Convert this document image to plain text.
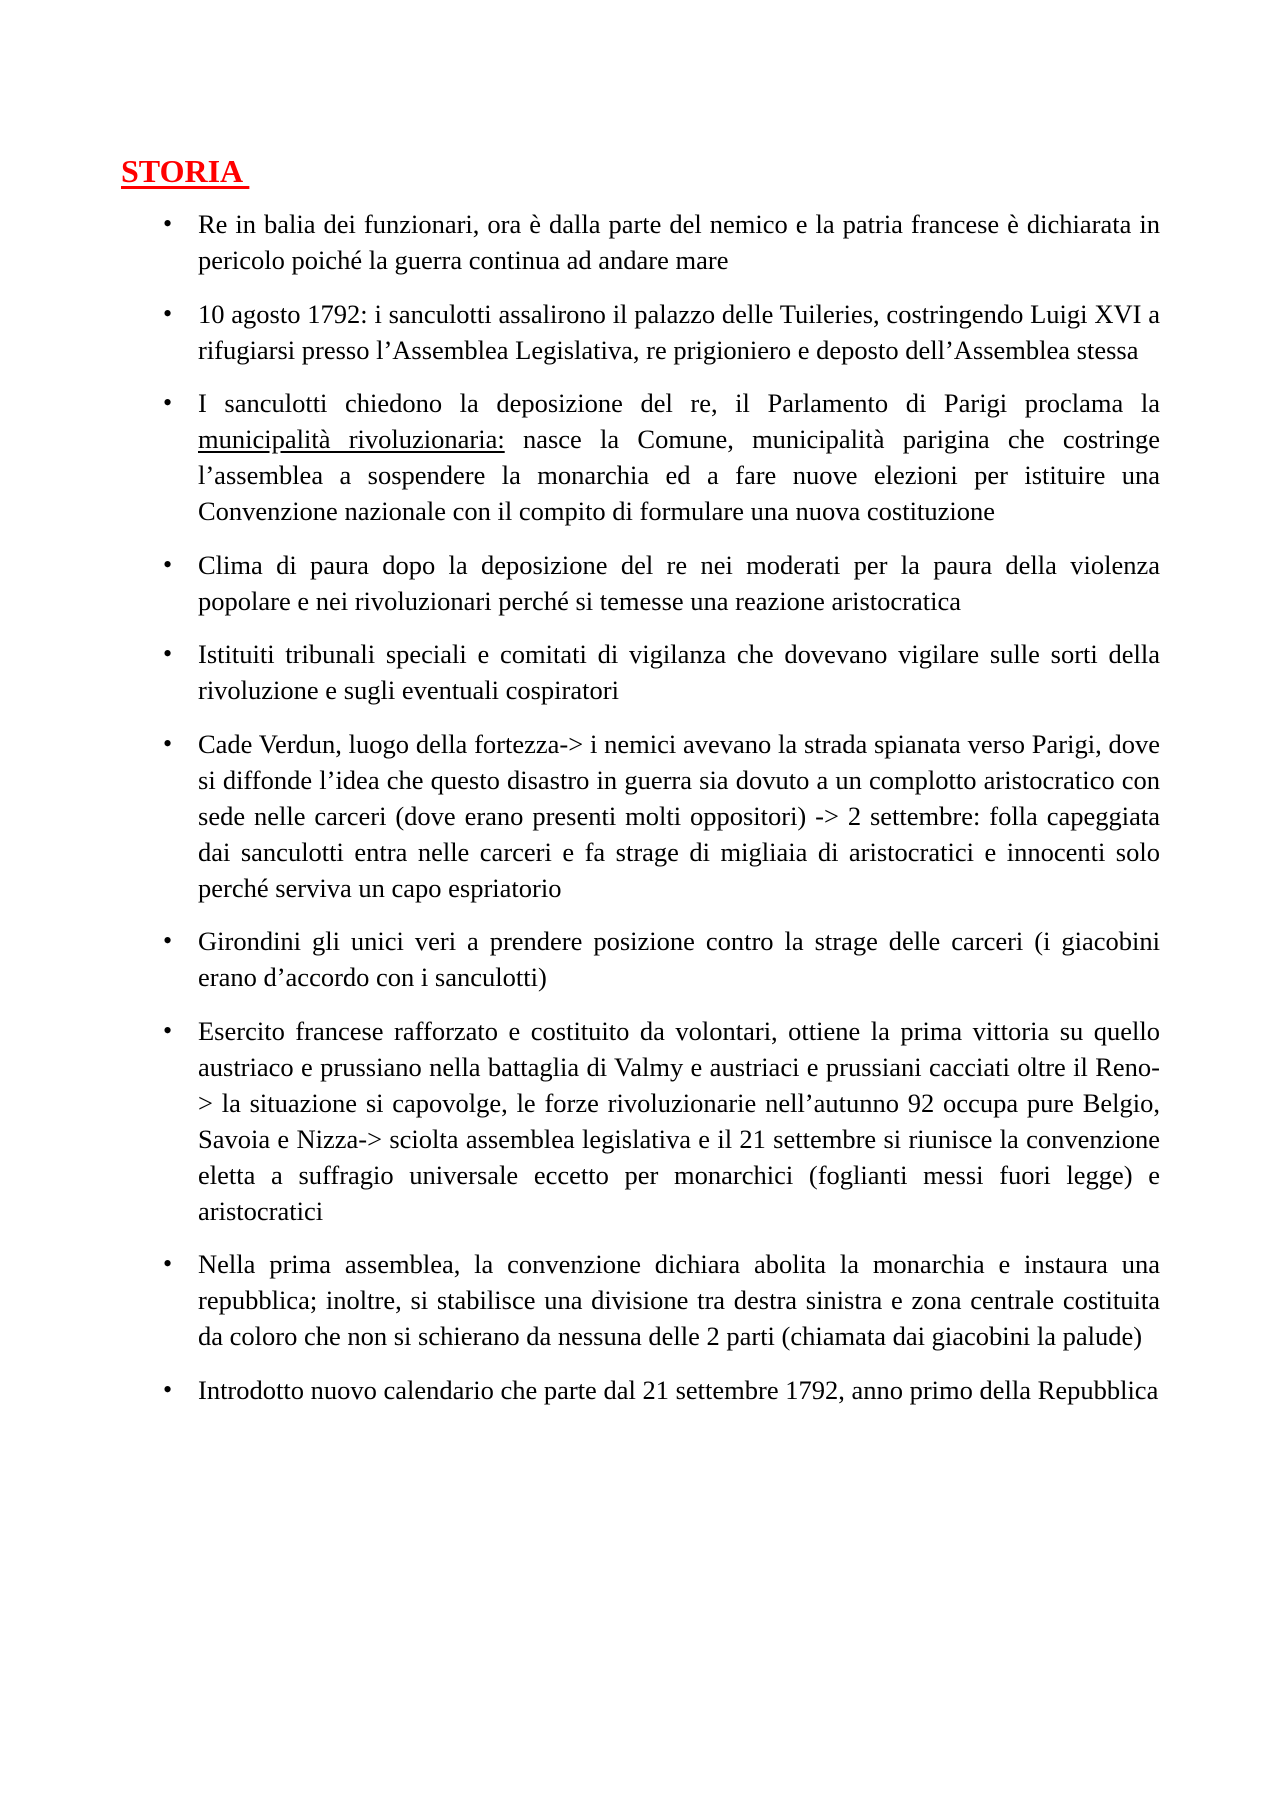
STORIA
• Re in balia dei funzionari, ora è dalla parte del nemico e la patria francese è dichiarata in pericolo poiché la guerra continua ad andare mare
• 10 agosto 1792: i sanculotti assalirono il palazzo delle Tuileries, costringendo Luigi XVI a rifugiarsi presso l’Assemblea Legislativa, re prigioniero e deposto dell’Assemblea stessa
• I sanculotti chiedono la deposizione del re, il Parlamento di Parigi proclama la municipalità rivoluzionaria: nasce la Comune, municipalità parigina che costringe l’assemblea a sospendere la monarchia ed a fare nuove elezioni per istituire una Convenzione nazionale con il compito di formulare una nuova costituzione
• Clima di paura dopo la deposizione del re nei moderati per la paura della violenza popolare e nei rivoluzionari perché si temesse una reazione aristocratica
• Istituiti tribunali speciali e comitati di vigilanza che dovevano vigilare sulle sorti della rivoluzione e sugli eventuali cospiratori
• Cade Verdun, luogo della fortezza-> i nemici avevano la strada spianata verso Parigi, dove si diffonde l’idea che questo disastro in guerra sia dovuto a un complotto aristocratico con sede nelle carceri (dove erano presenti molti oppositori) -> 2 settembre: folla capeggiata dai sanculotti entra nelle carceri e fa strage di migliaia di aristocratici e innocenti solo perché serviva un capo espriatorio
• Girondini gli unici veri a prendere posizione contro la strage delle carceri (i giacobini erano d’accordo con i sanculotti)
• Esercito francese rafforzato e costituito da volontari, ottiene la prima vittoria su quello austriaco e prussiano nella battaglia di Valmy e austriaci e prussiani cacciati oltre il Reno-> la situazione si capovolge, le forze rivoluzionarie nell’autunno 92 occupa pure Belgio, Savoia e Nizza-> sciolta assemblea legislativa e il 21 settembre si riunisce la convenzione eletta a suffragio universale eccetto per monarchici (foglianti messi fuori legge) e aristocratici
• Nella prima assemblea, la convenzione dichiara abolita la monarchia e instaura una repubblica; inoltre, si stabilisce una divisione tra destra sinistra e zona centrale costituita da coloro che non si schierano da nessuna delle 2 parti (chiamata dai giacobini la palude)
• Introdotto nuovo calendario che parte dal 21 settembre 1792, anno primo della Repubblica
